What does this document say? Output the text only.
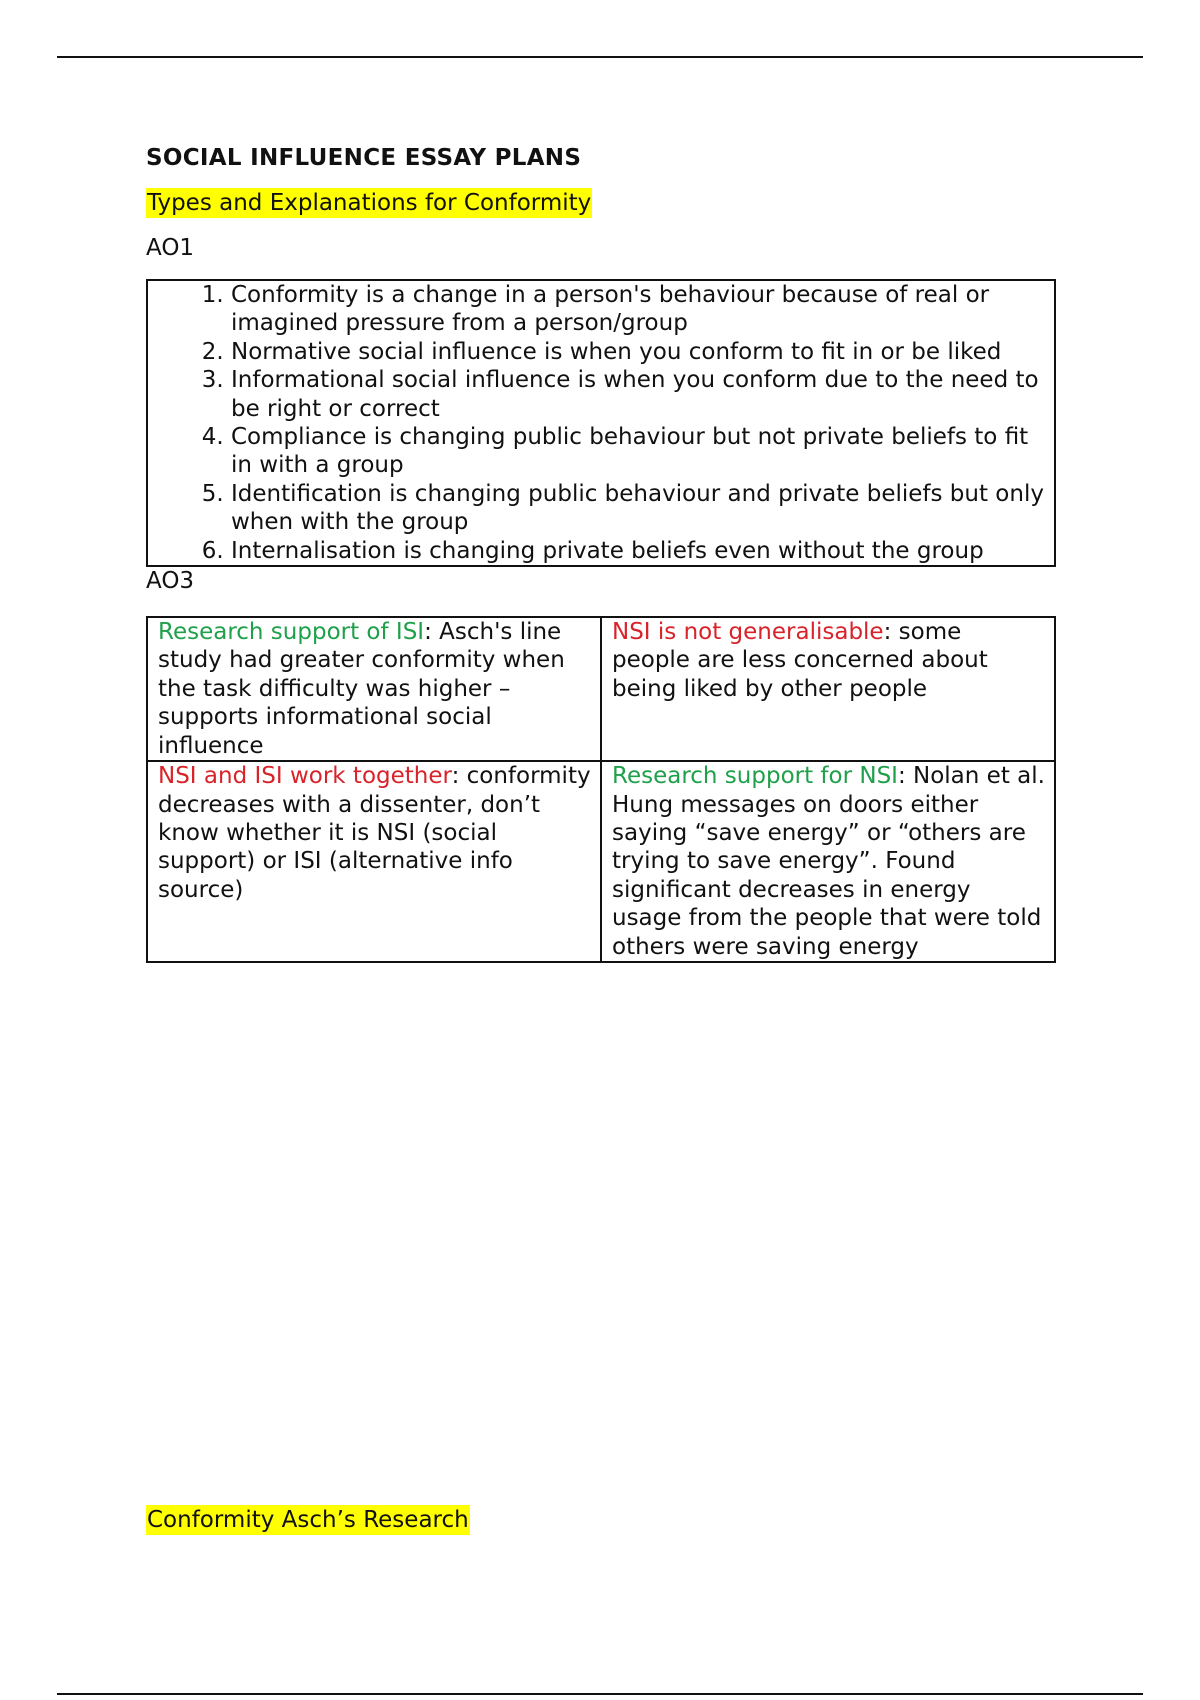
SOCIAL INFLUENCE ESSAY PLANS
Types and Explanations for Conformity
AO1
1. Conformity is a change in a person's behaviour because of real or imagined pressure from a person/group
2. Normative social influence is when you conform to fit in or be liked
3. Informational social influence is when you conform due to the need to be right or correct
4. Compliance is changing public behaviour but not private beliefs to fit in with a group
5. Identification is changing public behaviour and private beliefs but only when with the group
6. Internalisation is changing private beliefs even without the group
AO3
Research support of ISI: Asch's line study had greater conformity when the task difficulty was higher – supports informational social influence	NSI is not generalisable: some people are less concerned about being liked by other people
NSI and ISI work together: conformity decreases with a dissenter, don’t know whether it is NSI (social support) or ISI (alternative info source)	Research support for NSI: Nolan et al. Hung messages on doors either saying “save energy” or “others are trying to save energy”. Found significant decreases in energy usage from the people that were told others were saving energy
Conformity Asch’s Research
